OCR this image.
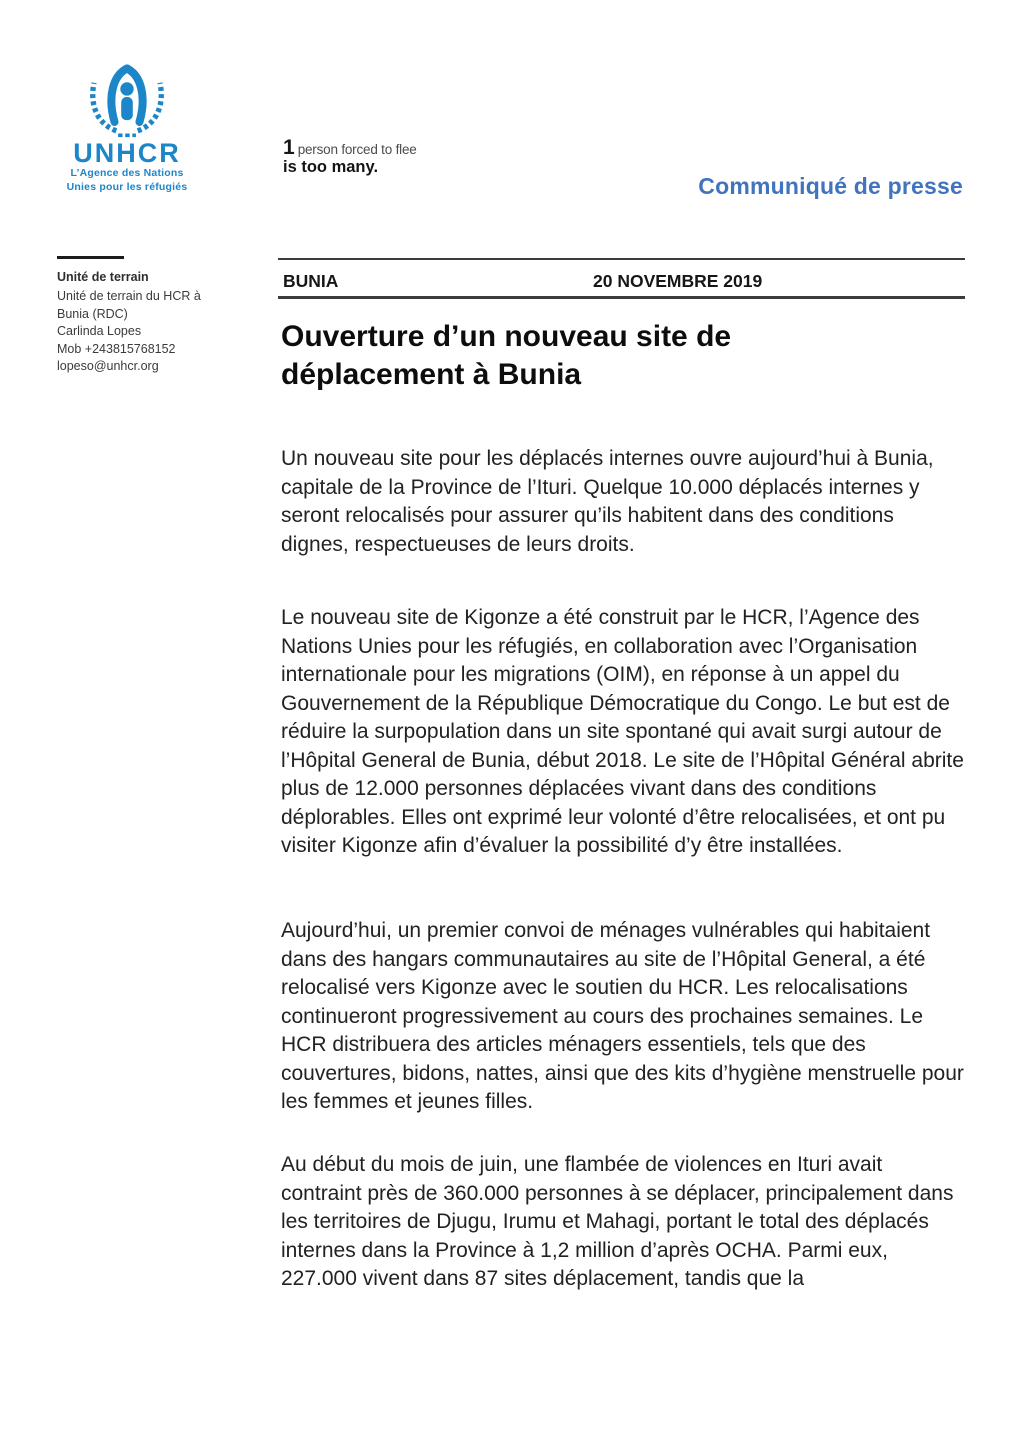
UNHCR
L’Agence des Nations
Unies pour les réfugiés
1 person forced to flee
is too many.
Communiqué de presse
Unité de terrain
Unité de terrain du HCR à
Bunia (RDC)
Carlinda Lopes
Mob +243815768152
lopeso@unhcr.org
BUNIA	20 NOVEMBRE 2019
Ouverture d’un nouveau site de
déplacement à Bunia

Un nouveau site pour les déplacés internes ouvre aujourd’hui à Bunia, capitale de la Province de l’Ituri. Quelque 10.000 déplacés internes y seront relocalisés pour assurer qu’ils habitent dans des conditions dignes, respectueuses de leurs droits.

Le nouveau site de Kigonze a été construit par le HCR, l’Agence des Nations Unies pour les réfugiés, en collaboration avec l’Organisation internationale pour les migrations (OIM), en réponse à un appel du Gouvernement de la République Démocratique du Congo. Le but est de réduire la surpopulation dans un site spontané qui avait surgi autour de l’Hôpital General de Bunia, début 2018. Le site de l’Hôpital Général abrite plus de 12.000 personnes déplacées vivant dans des conditions déplorables. Elles ont exprimé leur volonté d’être relocalisées, et ont pu visiter Kigonze afin d’évaluer la possibilité d’y être installées.

Aujourd’hui, un premier convoi de ménages vulnérables qui habitaient dans des hangars communautaires au site de l’Hôpital General, a été relocalisé vers Kigonze avec le soutien du HCR. Les relocalisations continueront progressivement au cours des prochaines semaines. Le HCR distribuera des articles ménagers essentiels, tels que des couvertures, bidons, nattes, ainsi que des kits d’hygiène menstruelle pour les femmes et jeunes filles.

Au début du mois de juin, une flambée de violences en Ituri avait contraint près de 360.000 personnes à se déplacer, principalement dans les territoires de Djugu, Irumu et Mahagi, portant le total des déplacés internes dans la Province à 1,2 million d’après OCHA. Parmi eux, 227.000 vivent dans 87 sites déplacement, tandis que la
